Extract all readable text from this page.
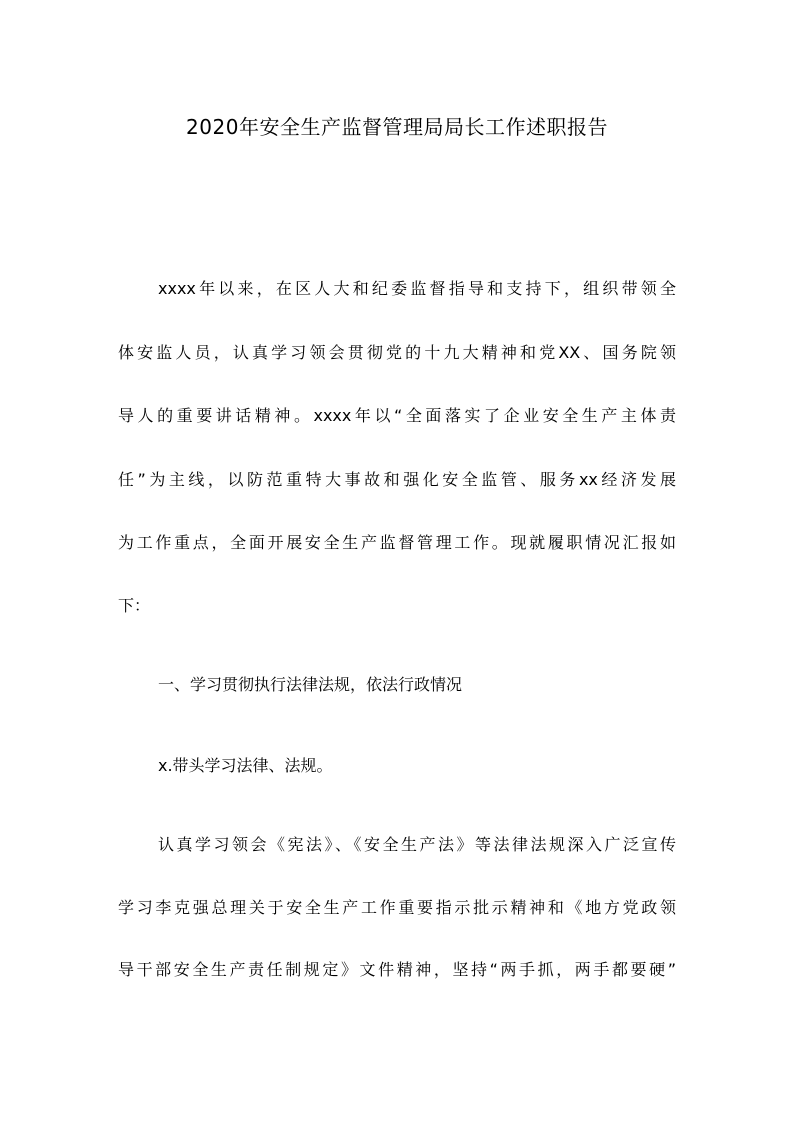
2020年安全生产监督管理局局长工作述职报告

xxxx年以来，在区人大和纪委监督指导和支持下，组织带领全

体安监人员，认真学习领会贯彻党的十九大精神和党XX、国务院领

导人的重要讲话精神。xxxx年以“全面落实了企业安全生产主体责

任”为主线，以防范重特大事故和强化安全监管、服务xx经济发展

为工作重点，全面开展安全生产监督管理工作。现就履职情况汇报如

下：

一、学习贯彻执行法律法规，依法行政情况

x.带头学习法律、法规。

认真学习领会《宪法》、《安全生产法》等法律法规深入广泛宣传

学习李克强总理关于安全生产工作重要指示批示精神和《地方党政领

导干部安全生产责任制规定》文件精神，坚持“两手抓，两手都要硬”
